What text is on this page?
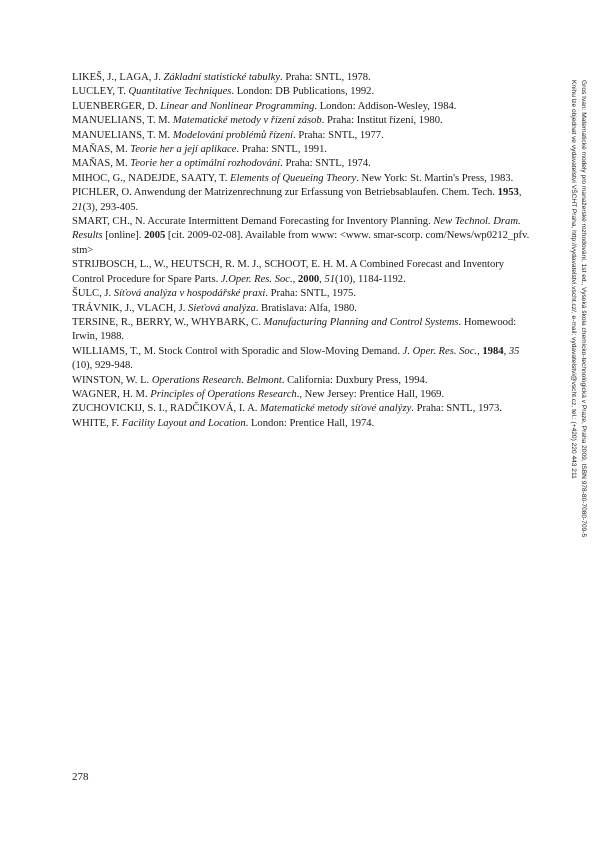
LIKEŠ, J., LAGA, J. Základní statistické tabulky. Praha: SNTL, 1978.

LUCLEY, T. Quantitative Techniques. London: DB Publications, 1992.

LUENBERGER, D. Linear and Nonlinear Programming. London: Addison-Wesley, 1984.

MANUELIANS, T. M. Matematické metody v řízení zásob. Praha: Institut řízení, 1980.

MANUELIANS, T. M. Modelování problémů řízení. Praha: SNTL, 1977.

MAŇAS, M. Teorie her a její aplikace. Praha: SNTL, 1991.

MAŇAS, M. Teorie her a optimální rozhodování. Praha: SNTL, 1974.

MIHOC, G., NADEJDE, SAATY, T. Elements of Queueing Theory. New York: St. Martin's Press, 1983.

PICHLER, O. Anwendung der Matrizenrechnung zur Erfassung von Betriebsablaufen. Chem. Tech. 1953, 21(3), 293-405.

SMART, CH., N. Accurate Intermittent Demand Forecasting for Inventory Planning. New Technol. Dram. Results [online]. 2005 [cit. 2009-02-08]. Available from www: <www. smar-scorp. com/News/wp0212_pfv. stm>

STRIJBOSCH, L., W., HEUTSCH, R. M. J., SCHOOT, E. H. M. A Combined Forecast and Inventory Control Procedure for Spare Parts. J.Oper. Res. Soc., 2000, 51(10), 1184-1192.

ŠULC, J. Síťová analýza v hospodářské praxi. Praha: SNTL, 1975.

TRÁVNIK, J., VLACH, J. Sieťová analýza. Bratislava: Alfa, 1980.

TERSINE, R., BERRY, W., WHYBARK, C. Manufacturing Planning and Control Systems. Homewood: Irwin, 1988.

WILLIAMS, T., M. Stock Control with Sporadic and Slow-Moving Demand. J. Oper. Res. Soc., 1984, 35 (10), 929-948.

WINSTON, W. L. Operations Research. Belmont. California: Duxbury Press, 1994.

WAGNER, H. M. Principles of Operations Research., New Jersey: Prentice Hall, 1969.

ZUCHOVICKIJ, S. I., RADČIKOVÁ, I. A. Matematické metody síťové analýzy. Praha: SNTL, 1973.

WHITE, F. Facility Layout and Location. London: Prentice Hall, 1974.

278
Gros Ivan: Matematické modely pro manažerské rozhodování, 1st ed., Vysoká škola chemicko-technologická v Praze, Praha 2009, ISBN 978-80-7080-709-5
Knihu lze objednat ve vydavatelství VŠCHT Praha, http://vydavatelstvi.vscht.cz/, e-mail: vydavatelstvi@vscht.cz, tel.: (+420) 220 443 211
